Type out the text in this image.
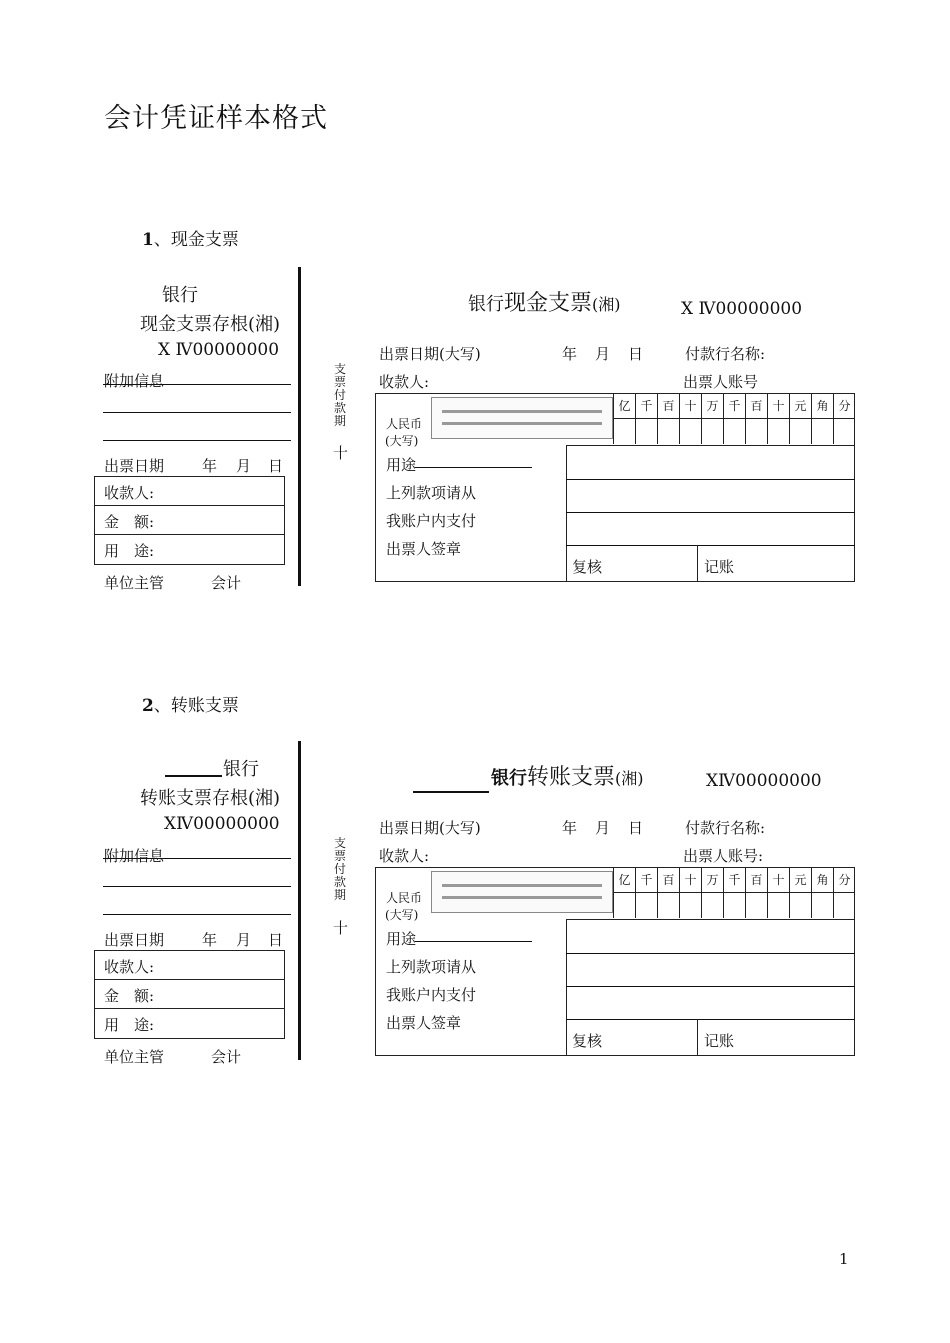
会计凭证样本格式
1、现金支票
银行
现金支票存根(湘)
X Ⅳ00000000
附加信息
出票日期	年 月 日
收款人:
金　额:
用　途:
单位主管	会计
支票付款期
十
银行现金支票(湘)	X Ⅳ00000000
出票日期(大写)	年 月 日	付款行名称:
收款人:	出票人账号
人民币
(大写)
亿 千 百 十 万 千 百 十 元 角 分
用途
上列款项请从
我账户内支付
出票人签章
复核	记账
2、转账支票
银行
转账支票存根(湘)
XⅣ00000000
附加信息
出票日期	年 月 日
收款人:
金　额:
用　途:
单位主管	会计
支票付款期
十
银行转账支票(湘)	XⅣ00000000
出票日期(大写)	年 月 日	付款行名称:
收款人:	出票人账号:
人民币
(大写)
亿 千 百 十 万 千 百 十 元 角 分
用途
上列款项请从
我账户内支付
出票人签章
复核	记账
1
